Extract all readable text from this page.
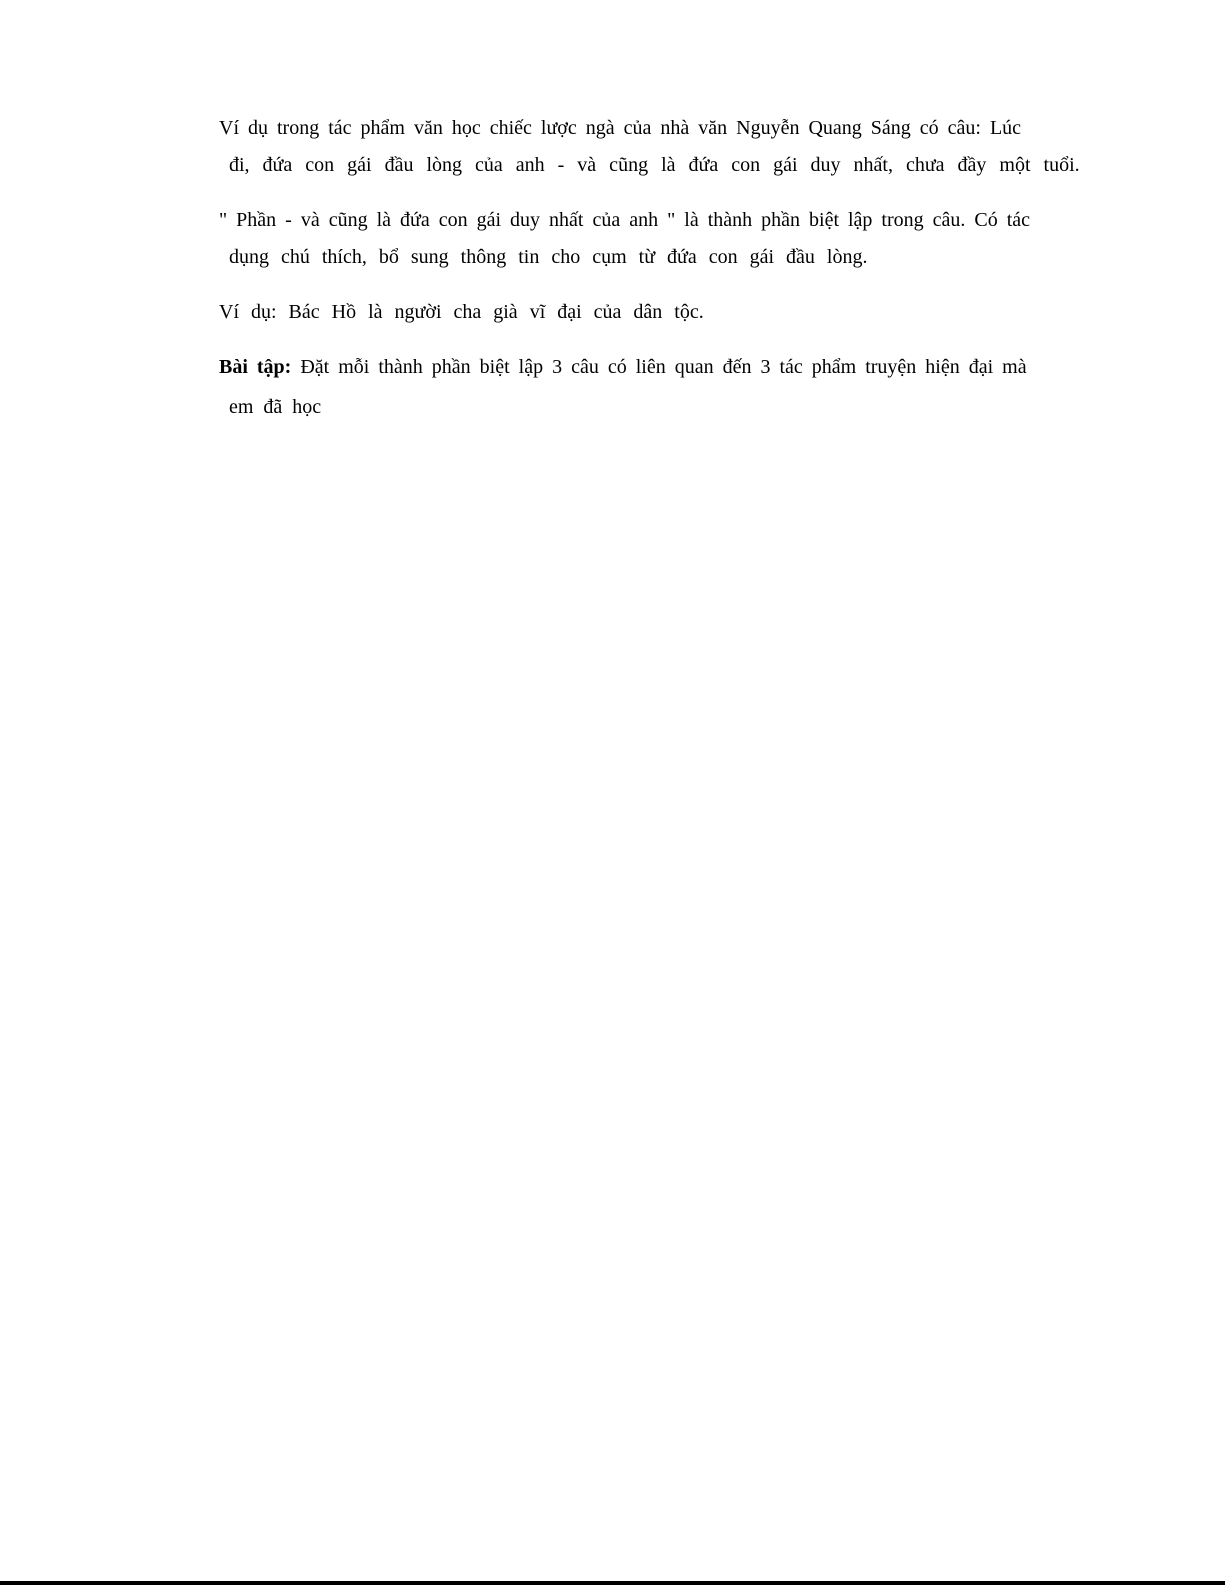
Ví dụ trong tác phẩm văn học chiếc lược ngà của nhà văn Nguyễn Quang Sáng có câu: Lúc
đi, đứa con gái đầu lòng của anh - và cũng là đứa con gái duy nhất, chưa đầy một tuổi.
" Phần - và cũng là đứa con gái duy nhất của anh " là thành phần biệt lập trong câu. Có tác
dụng chú thích, bổ sung thông tin cho cụm từ đứa con gái đầu lòng.
Ví dụ: Bác Hồ là người cha già vĩ đại của dân tộc.
Bài tập: Đặt mỗi thành phần biệt lập 3 câu có liên quan đến 3 tác phẩm truyện hiện đại mà
em đã học
